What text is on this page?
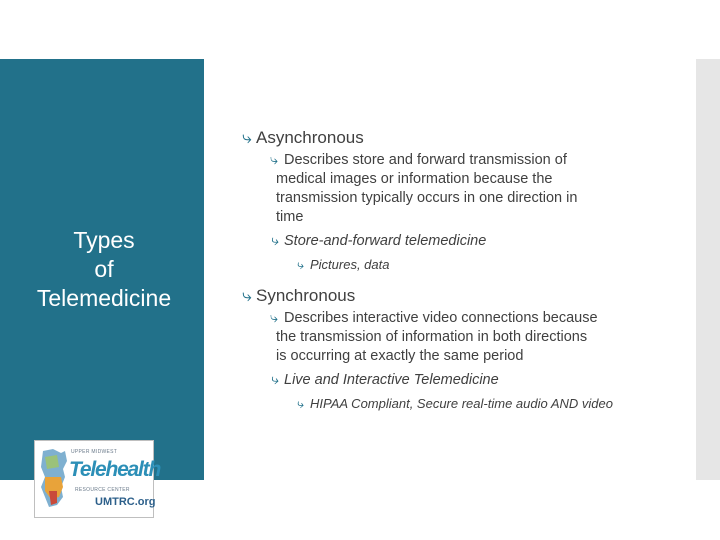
Types
of
Telemedicine
UPPER MIDWEST
Telehealth
RESOURCE CENTER
UMTRC.org
⤷ Asynchronous
⤷ Describes store and forward transmission of
medical images or information because the
transmission typically occurs in one direction in
time
⤷ Store-and-forward telemedicine
⤷ Pictures, data
⤷ Synchronous
⤷ Describes interactive video connections because
the transmission of information in both directions
is occurring at exactly the same period
⤷ Live and Interactive Telemedicine
⤷ HIPAA Compliant, Secure real-time audio AND video
